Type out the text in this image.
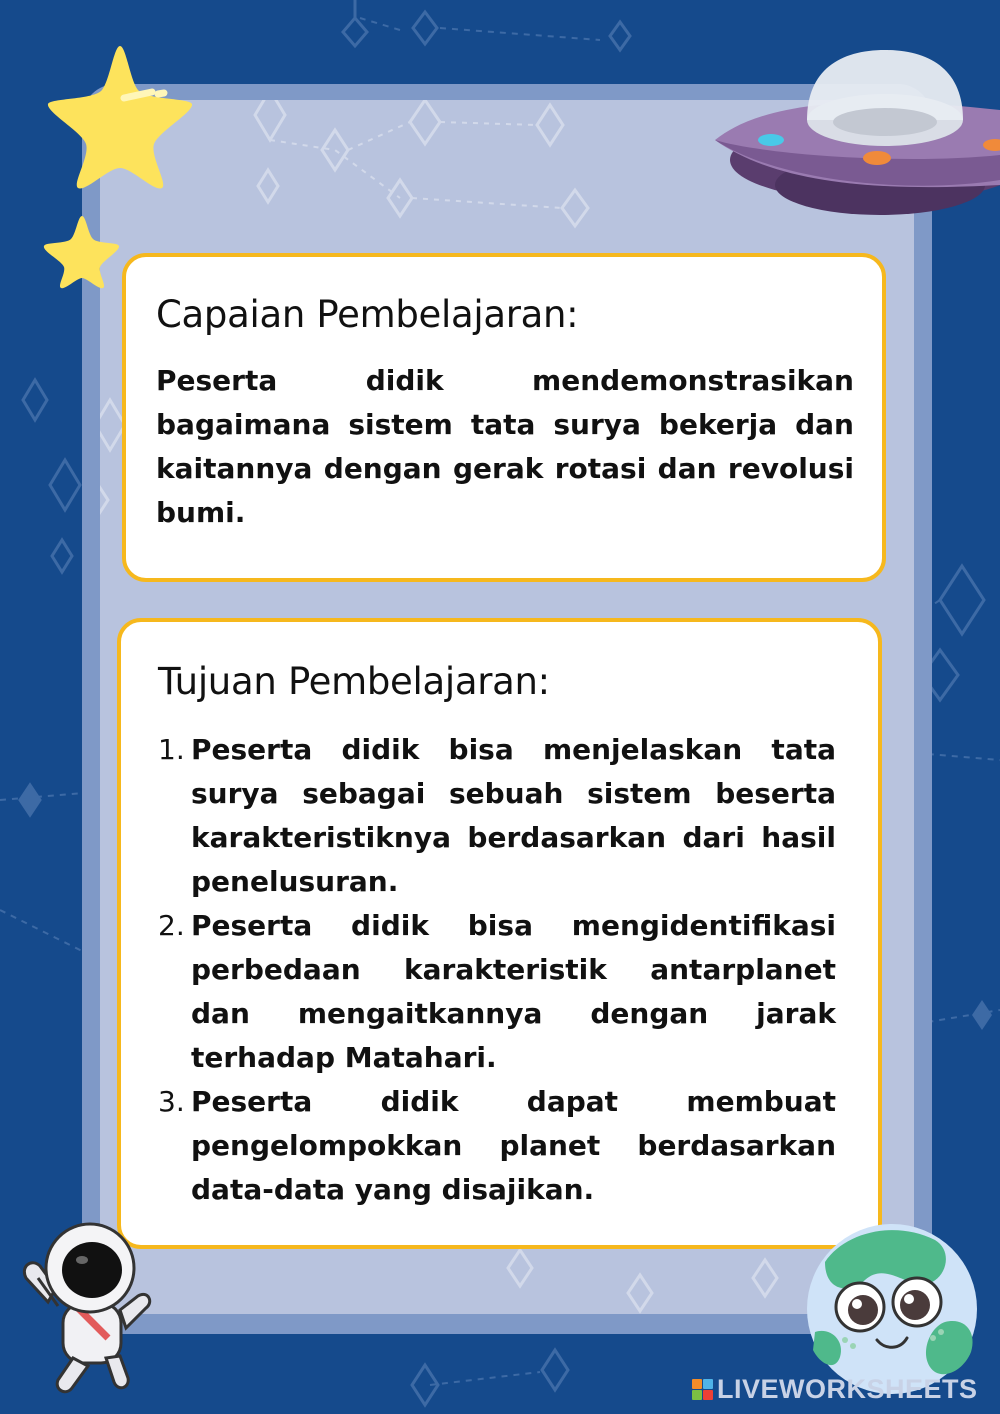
Capaian Pembelajaran:

Peserta didik mendemonstrasikan bagaimana sistem tata surya bekerja dan kaitannya dengan gerak rotasi dan revolusi bumi.

Tujuan Pembelajaran:
1. Peserta didik bisa menjelaskan tata surya sebagai sebuah sistem beserta karakteristiknya berdasarkan dari hasil penelusuran.
2. Peserta didik bisa mengidentifikasi perbedaan karakteristik antarplanet dan mengaitkannya dengan jarak terhadap Matahari.
3. Peserta didik dapat membuat pengelompokkan planet berdasarkan data-data yang disajikan.
LIVEWORKSHEETS
